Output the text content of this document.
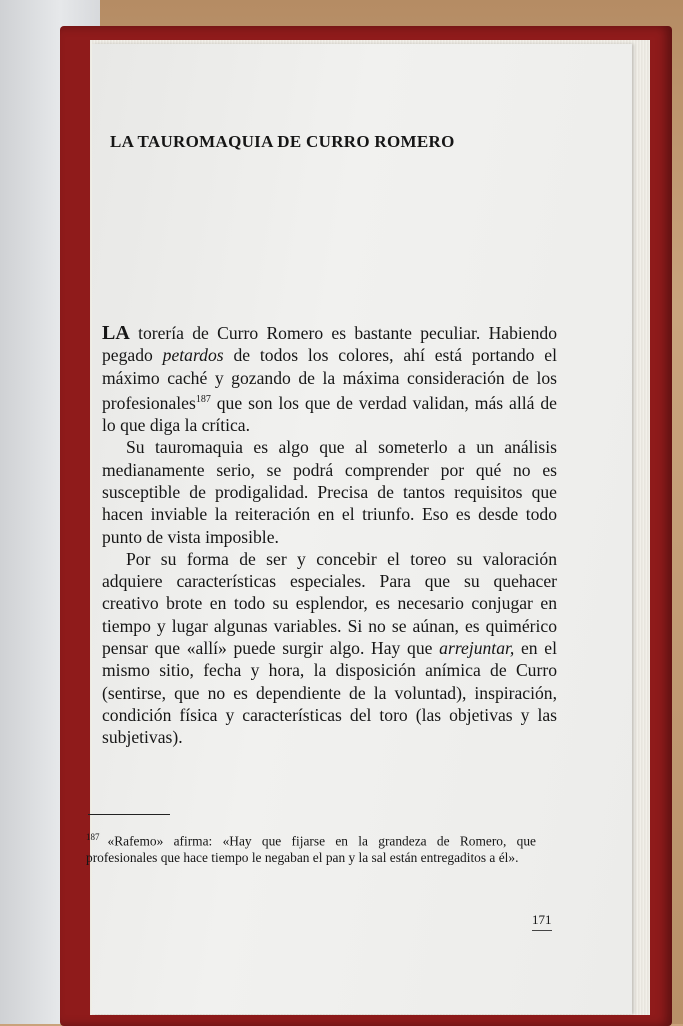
LA TAUROMAQUIA DE CURRO ROMERO

LA torería de Curro Romero es bastante peculiar. Habiendo pegado petardos de todos los colores, ahí está portando el máximo caché y gozando de la máxima consideración de los profesionales$^{187}$ que son los que de verdad validan, más allá de lo que diga la crítica.

Su tauromaquia es algo que al someterlo a un análisis medianamente serio, se podrá comprender por qué no es susceptible de prodigalidad. Precisa de tantos requisitos que hacen inviable la reiteración en el triunfo. Eso es desde todo punto de vista imposible.

Por su forma de ser y concebir el toreo su valoración adquiere características especiales. Para que su quehacer creativo brote en todo su esplendor, es necesario conjugar en tiempo y lugar algunas variables. Si no se aúnan, es quimérico pensar que «allí» puede surgir algo. Hay que arrejuntar, en el mismo sitio, fecha y hora, la disposición anímica de Curro (sentirse, que no es dependiente de la voluntad), inspiración, condición física y características del toro (las objetivas y las subjetivas).

$^{187}$ «Rafemo» afirma: «Hay que fijarse en la grandeza de Romero, que profesionales que hace tiempo le negaban el pan y la sal están entregaditos a él».
171
